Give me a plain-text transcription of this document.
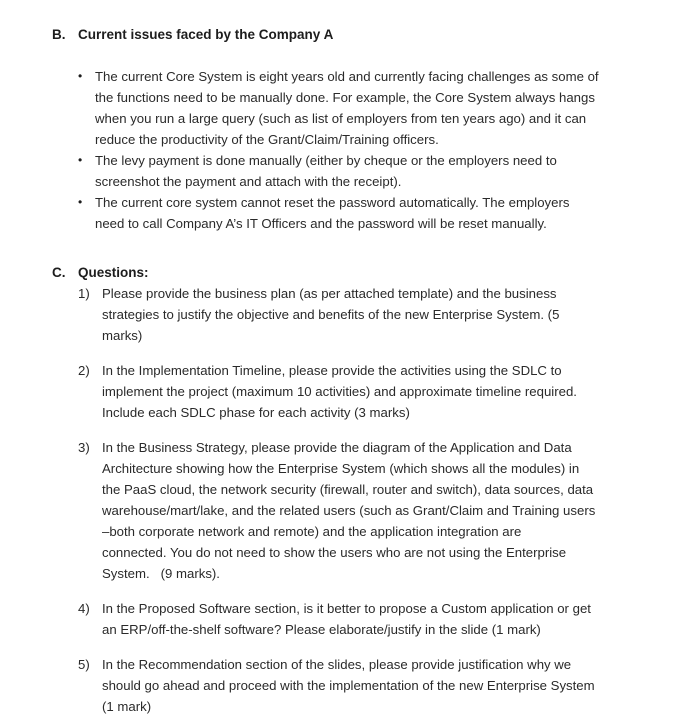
B. Current issues faced by the Company A
• The current Core System is eight years old and currently facing challenges as some of
the functions need to be manually done. For example, the Core System always hangs
when you run a large query (such as list of employers from ten years ago) and it can
reduce the productivity of the Grant/Claim/Training officers.
• The levy payment is done manually (either by cheque or the employers need to
screenshot the payment and attach with the receipt).
• The current core system cannot reset the password automatically. The employers
need to call Company A’s IT Officers and the password will be reset manually.
C. Questions:
1) Please provide the business plan (as per attached template) and the business
strategies to justify the objective and benefits of the new Enterprise System. (5
marks)
2) In the Implementation Timeline, please provide the activities using the SDLC to
implement the project (maximum 10 activities) and approximate timeline required.
Include each SDLC phase for each activity (3 marks)
3) In the Business Strategy, please provide the diagram of the Application and Data
Architecture showing how the Enterprise System (which shows all the modules) in
the PaaS cloud, the network security (firewall, router and switch), data sources, data
warehouse/mart/lake, and the related users (such as Grant/Claim and Training users
–both corporate network and remote) and the application integration are
connected. You do not need to show the users who are not using the Enterprise
System.   (9 marks).
4) In the Proposed Software section, is it better to propose a Custom application or get
an ERP/off-the-shelf software? Please elaborate/justify in the slide (1 mark)
5) In the Recommendation section of the slides, please provide justification why we
should go ahead and proceed with the implementation of the new Enterprise System
(1 mark)
